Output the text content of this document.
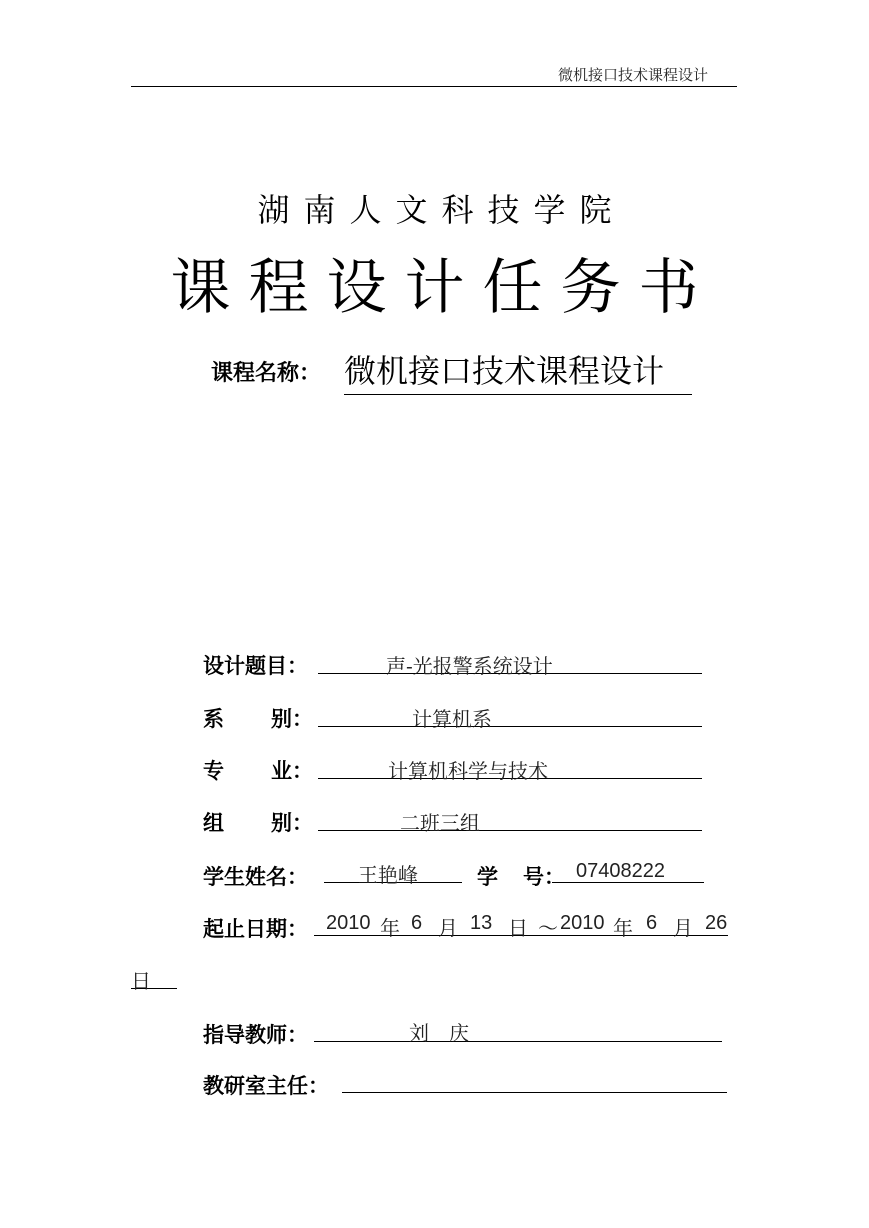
微机接口技术课程设计
湖南人文科技学院
课程设计任务书
课程名称： 微机接口技术课程设计
设计题目：	声-光报警系统设计
系 别：	计算机系
专 业：	计算机科学与技术
组 别：	二班三组
学生姓名：	王艳峰	学 号： 07408222
起止日期： 2010 年 6 月 13 日 ～ 2010 年 6 月 26
日
指导教师：	刘　庆
教研室主任：
